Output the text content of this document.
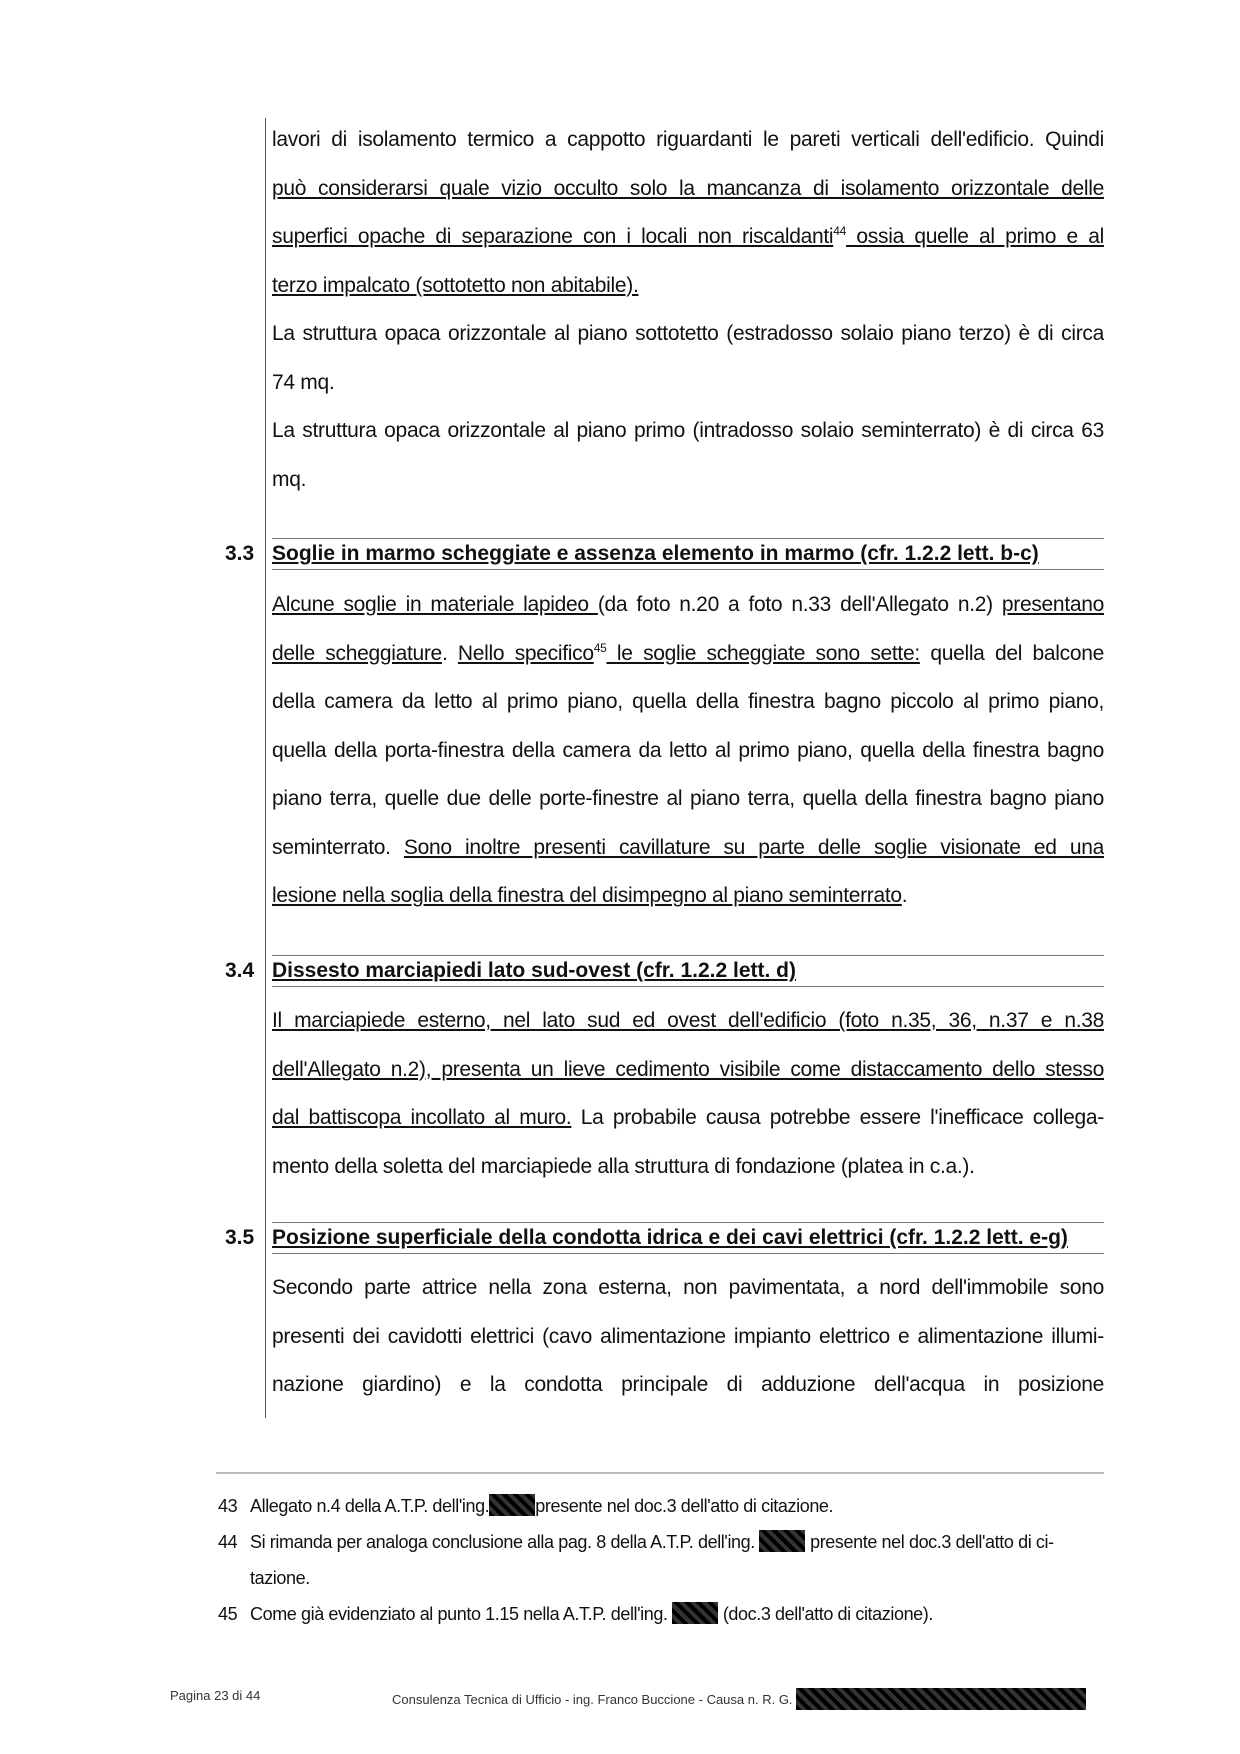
lavori di isolamento termico a cappotto riguardanti le pareti verticali dell'edificio. Quindi
può considerarsi quale vizio occulto solo la mancanza di isolamento orizzontale delle
superfici opache di separazione con i locali non riscaldanti$^{44}$ ossia quelle al primo e al
terzo impalcato (sottotetto non abitabile).
La struttura opaca orizzontale al piano sottotetto (estradosso solaio piano terzo) è di circa
74 mq.
La struttura opaca orizzontale al piano primo (intradosso solaio seminterrato) è di circa 63
mq.
3.3 Soglie in marmo scheggiate e assenza elemento in marmo (cfr. 1.2.2 lett. b-c)
Alcune soglie in materiale lapideo (da foto n.20 a foto n.33 dell'Allegato n.2) presentano
delle scheggiature. Nello specifico$^{45}$ le soglie scheggiate sono sette: quella del balcone
della camera da letto al primo piano, quella della finestra bagno piccolo al primo piano,
quella della porta-finestra della camera da letto al primo piano, quella della finestra bagno
piano terra, quelle due delle porte-finestre al piano terra, quella della finestra bagno piano
seminterrato. Sono inoltre presenti cavillature su parte delle soglie visionate ed una
lesione nella soglia della finestra del disimpegno al piano seminterrato.
3.4 Dissesto marciapiedi lato sud-ovest (cfr. 1.2.2 lett. d)
Il marciapiede esterno, nel lato sud ed ovest dell'edificio (foto n.35, 36, n.37 e n.38
dell'Allegato n.2), presenta un lieve cedimento visibile come distaccamento dello stesso
dal battiscopa incollato al muro. La probabile causa potrebbe essere l'inefficace collega-
mento della soletta del marciapiede alla struttura di fondazione (platea in c.a.).
3.5 Posizione superficiale della condotta idrica e dei cavi elettrici (cfr. 1.2.2 lett. e-g)
Secondo parte attrice nella zona esterna, non pavimentata, a nord dell'immobile sono
presenti dei cavidotti elettrici (cavo alimentazione impianto elettrico e alimentazione illumi-
nazione giardino) e la condotta principale di adduzione dell'acqua in posizione
43 Allegato n.4 della A.T.P. dell'ing.	presente nel doc.3 dell'atto di citazione.
44 Si rimanda per analoga conclusione alla pag. 8 della A.T.P. dell'ing.	presente nel doc.3 dell'atto di ci-
tazione.
45 Come già evidenziato al punto 1.15 nella A.T.P. dell'ing.	(doc.3 dell'atto di citazione).
Pagina 23 di 44	Consulenza Tecnica di Ufficio - ing. Franco Buccione - Causa n. R. G.
